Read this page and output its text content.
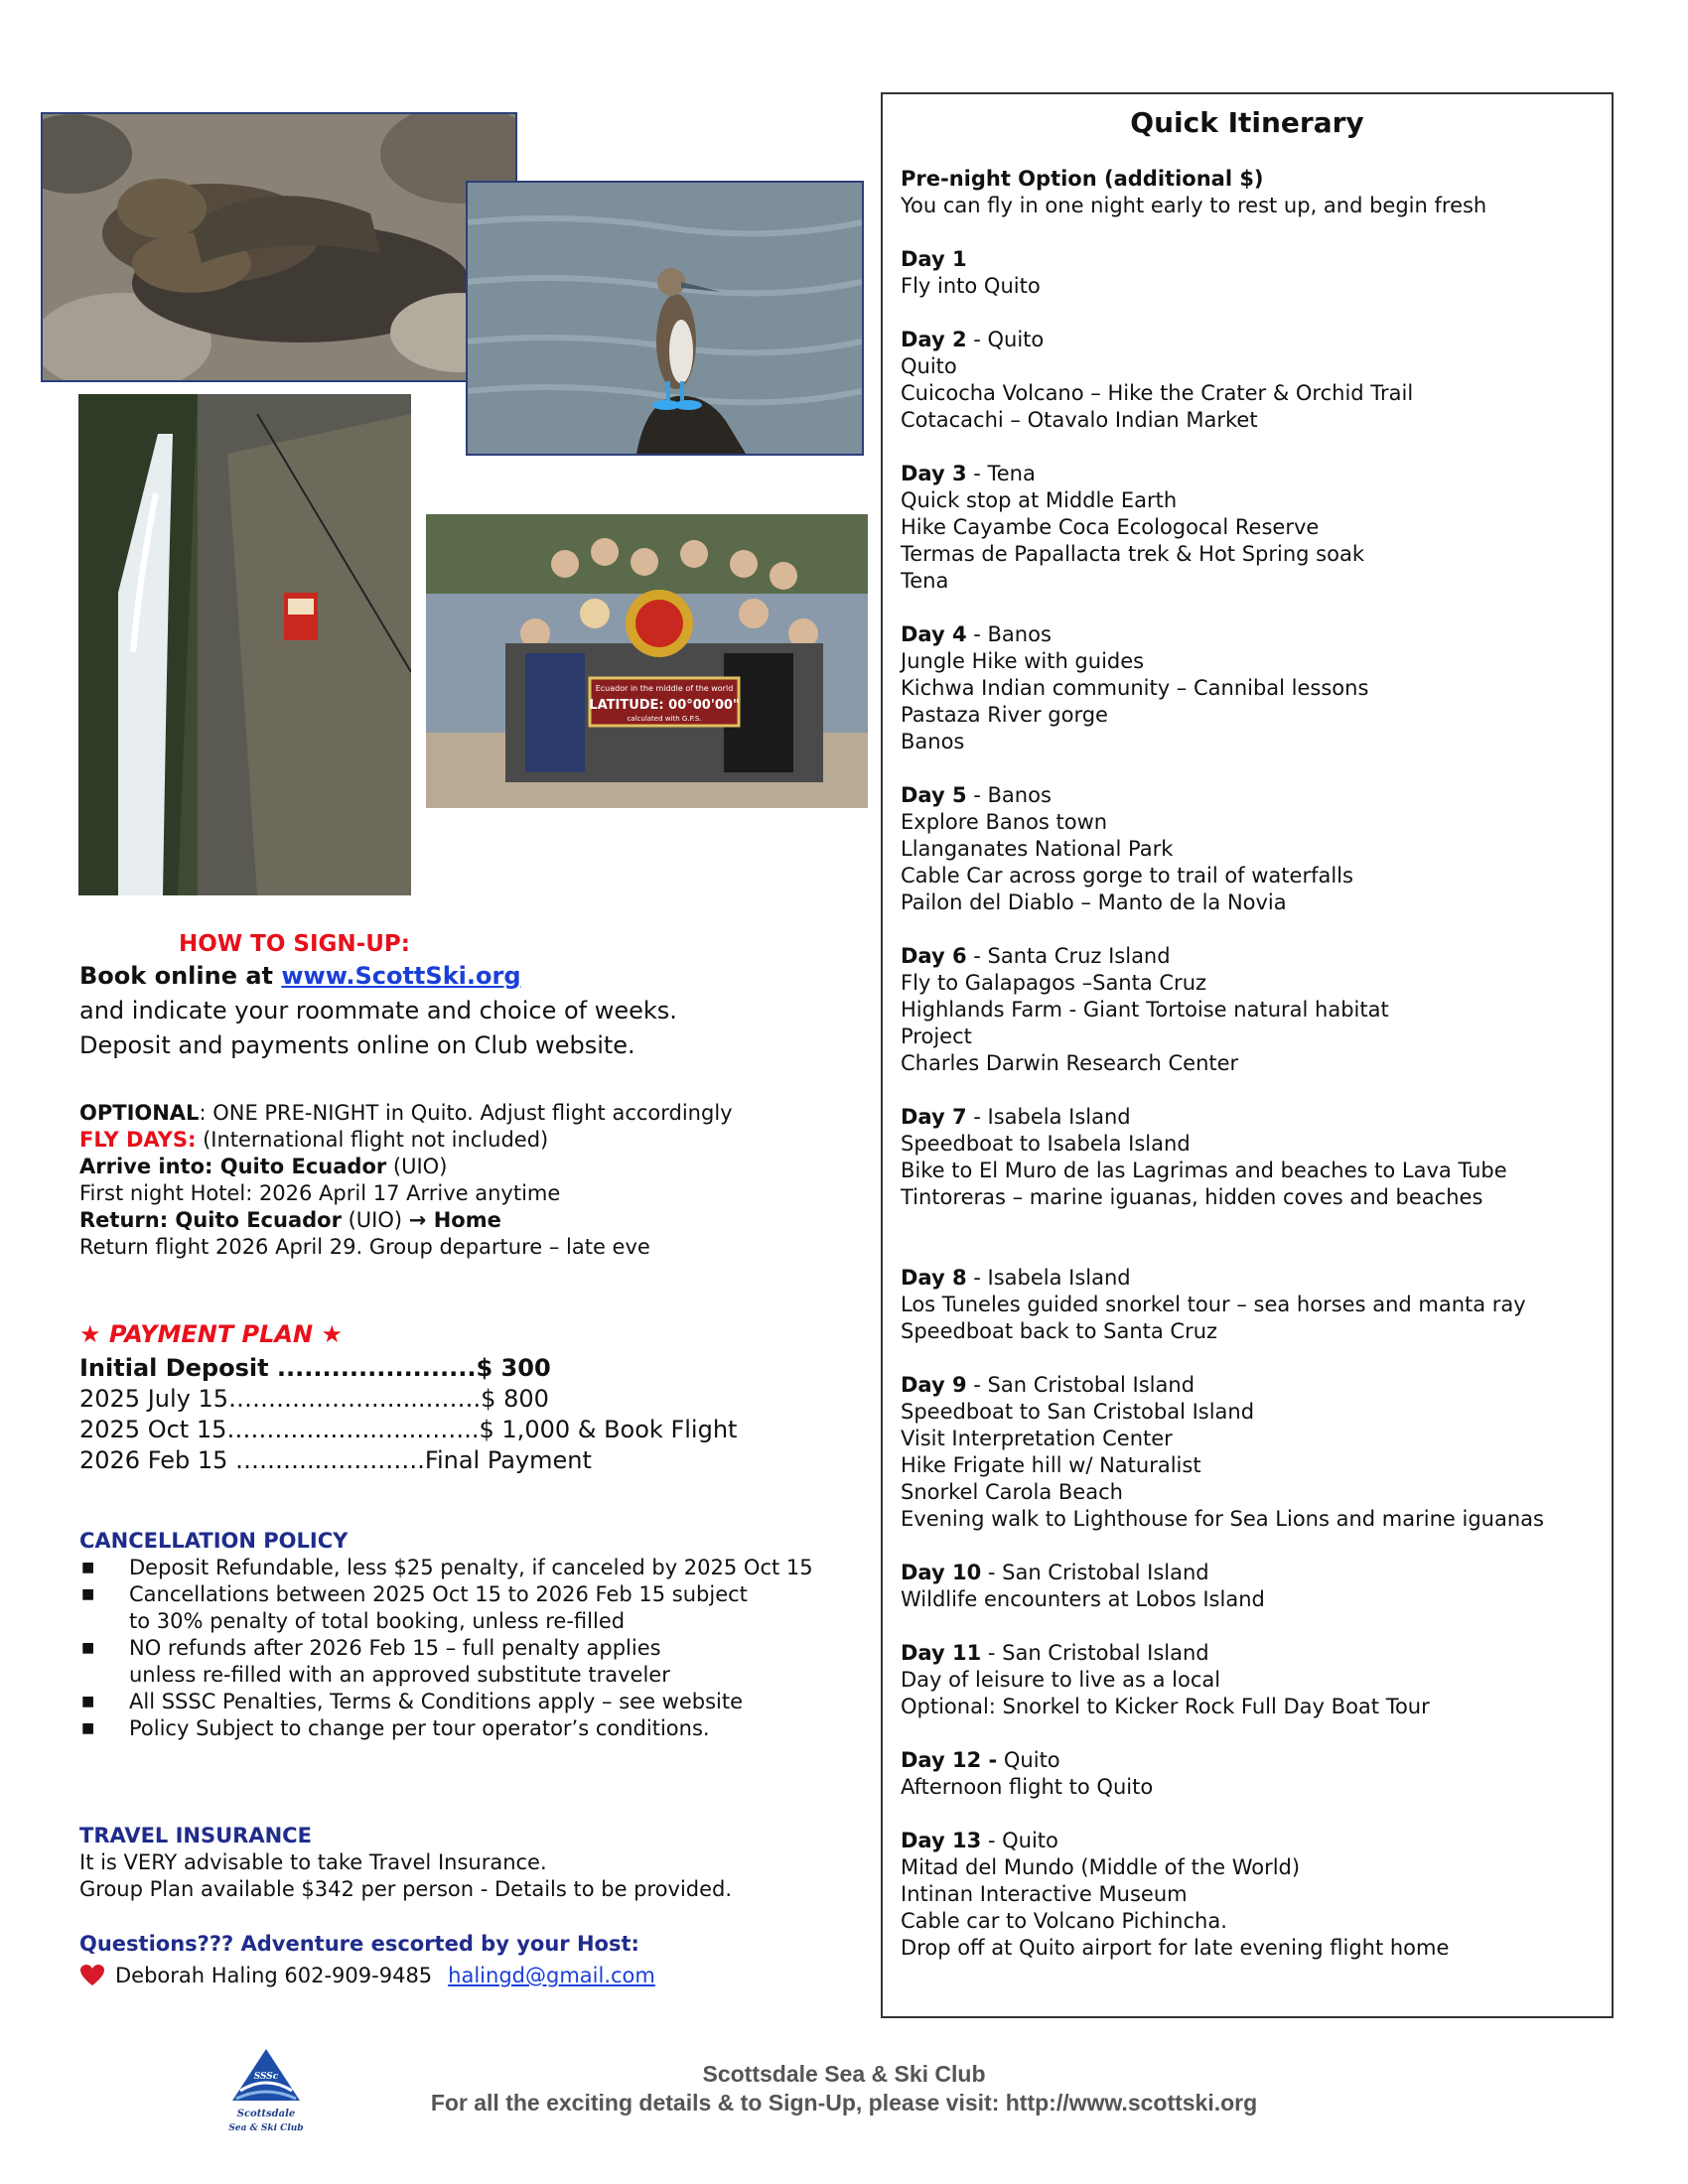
Ecuador in the middle of the world
LATITUDE: 00°00'00"
calculated with G.P.S.
HOW TO SIGN-UP:
Book online at www.ScottSki.org
and indicate your roommate and choice of weeks.
Deposit and payments online on Club website.
OPTIONAL: ONE PRE-NIGHT in Quito. Adjust flight accordingly
FLY DAYS: (International flight not included)
Arrive into: Quito Ecuador (UIO)
First night Hotel: 2026 April 17 Arrive anytime
Return: Quito Ecuador (UIO) → Home
Return flight 2026 April 29. Group departure – late eve
★ PAYMENT PLAN ★
Initial Deposit ......................$ 300
2025 July 15……………….…...…….$ 800
2025 Oct 15……………….…..……..$ 1,000 & Book Flight
2026 Feb 15 ………..………….Final Payment
CANCELLATION POLICY
■ Deposit Refundable, less $25 penalty, if canceled by 2025 Oct 15
■ Cancellations between 2025 Oct 15 to 2026 Feb 15 subject
to 30% penalty of total booking, unless re-filled
■ NO refunds after 2026 Feb 15 – full penalty applies
unless re-filled with an approved substitute traveler
■ All SSSC Penalties, Terms & Conditions apply – see website
■ Policy Subject to change per tour operator’s conditions.
TRAVEL INSURANCE
It is VERY advisable to take Travel Insurance.
Group Plan available $342 per person - Details to be provided.
Questions??? Adventure escorted by your Host:
Deborah Haling 602-909-9485 halingd@gmail.com
Quick Itinerary
Pre-night Option (additional $)
You can fly in one night early to rest up, and begin fresh
Day 1
Fly into Quito
Day 2 - Quito
Quito
Cuicocha Volcano – Hike the Crater & Orchid Trail
Cotacachi – Otavalo Indian Market
Day 3 - Tena
Quick stop at Middle Earth
Hike Cayambe Coca Ecologocal Reserve
Termas de Papallacta trek & Hot Spring soak
Tena
Day 4 - Banos
Jungle Hike with guides
Kichwa Indian community – Cannibal lessons
Pastaza River gorge
Banos
Day 5 - Banos
Explore Banos town
Llanganates National Park
Cable Car across gorge to trail of waterfalls
Pailon del Diablo – Manto de la Novia
Day 6 - Santa Cruz Island
Fly to Galapagos –Santa Cruz
Highlands Farm - Giant Tortoise natural habitat
Project
Charles Darwin Research Center
Day 7 - Isabela Island
Speedboat to Isabela Island
Bike to El Muro de las Lagrimas and beaches to Lava Tube
Tintoreras – marine iguanas, hidden coves and beaches
Day 8 - Isabela Island
Los Tuneles guided snorkel tour – sea horses and manta ray
Speedboat back to Santa Cruz
Day 9 - San Cristobal Island
Speedboat to San Cristobal Island
Visit Interpretation Center
Hike Frigate hill w/ Naturalist
Snorkel Carola Beach
Evening walk to Lighthouse for Sea Lions and marine iguanas
Day 10 - San Cristobal Island
Wildlife encounters at Lobos Island
Day 11 - San Cristobal Island
Day of leisure to live as a local
Optional: Snorkel to Kicker Rock Full Day Boat Tour
Day 12 - Quito
Afternoon flight to Quito
Day 13 - Quito
Mitad del Mundo (Middle of the World)
Intinan Interactive Museum
Cable car to Volcano Pichincha.
Drop off at Quito airport for late evening flight home
SSSc
Scottsdale
Sea & Ski Club
Scottsdale Sea & Ski Club
For all the exciting details & to Sign-Up, please visit: http://www.scottski.org
